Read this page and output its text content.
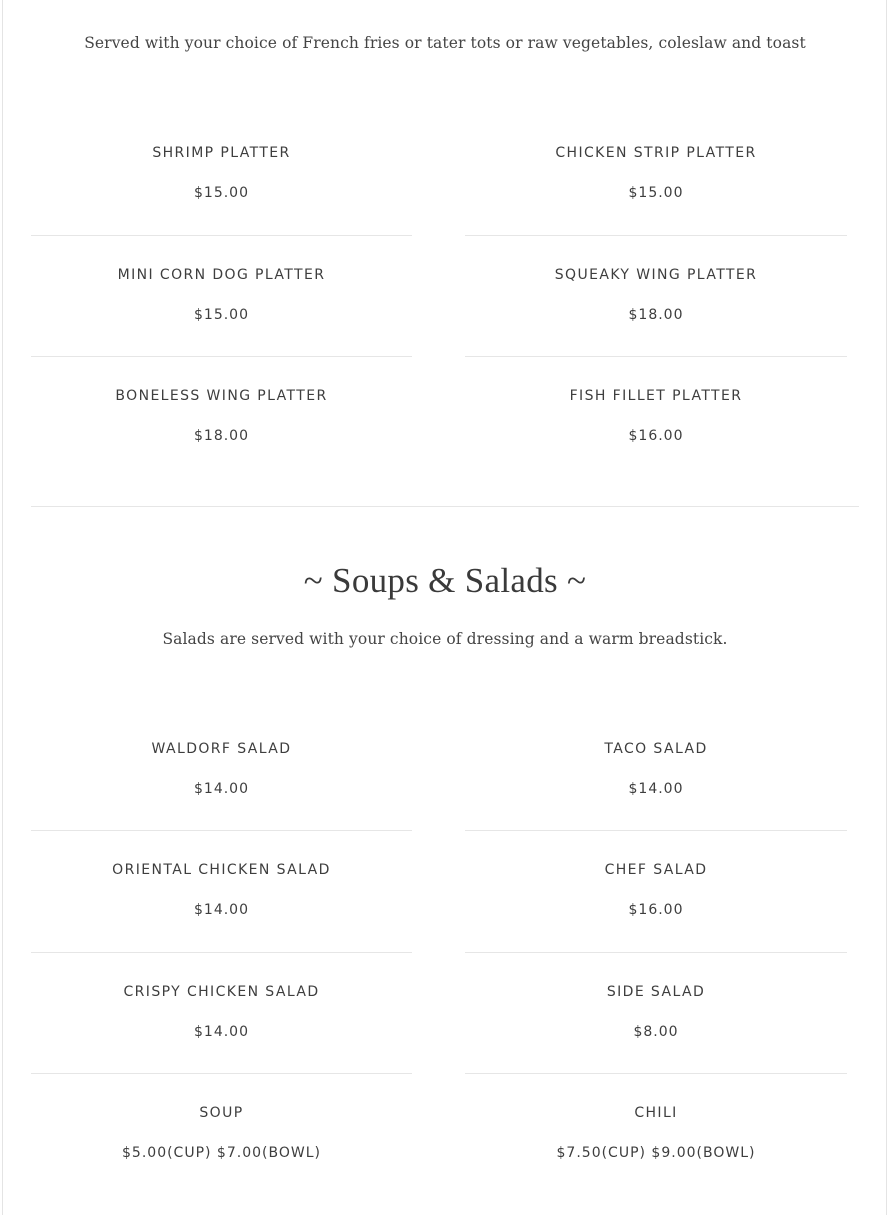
Served with your choice of French fries or tater tots or raw vegetables, coleslaw and toast
SHRIMP PLATTER
$15.00
CHICKEN STRIP PLATTER
$15.00
MINI CORN DOG PLATTER
$15.00
SQUEAKY WING PLATTER
$18.00
BONELESS WING PLATTER
$18.00
FISH FILLET PLATTER
$16.00
~ Soups & Salads ~
Salads are served with your choice of dressing and a warm breadstick.
WALDORF SALAD
$14.00
TACO SALAD
$14.00
ORIENTAL CHICKEN SALAD
$14.00
CHEF SALAD
$16.00
CRISPY CHICKEN SALAD
$14.00
SIDE SALAD
$8.00
SOUP
$5.00(CUP) $7.00(BOWL)
CHILI
$7.50(CUP) $9.00(BOWL)
